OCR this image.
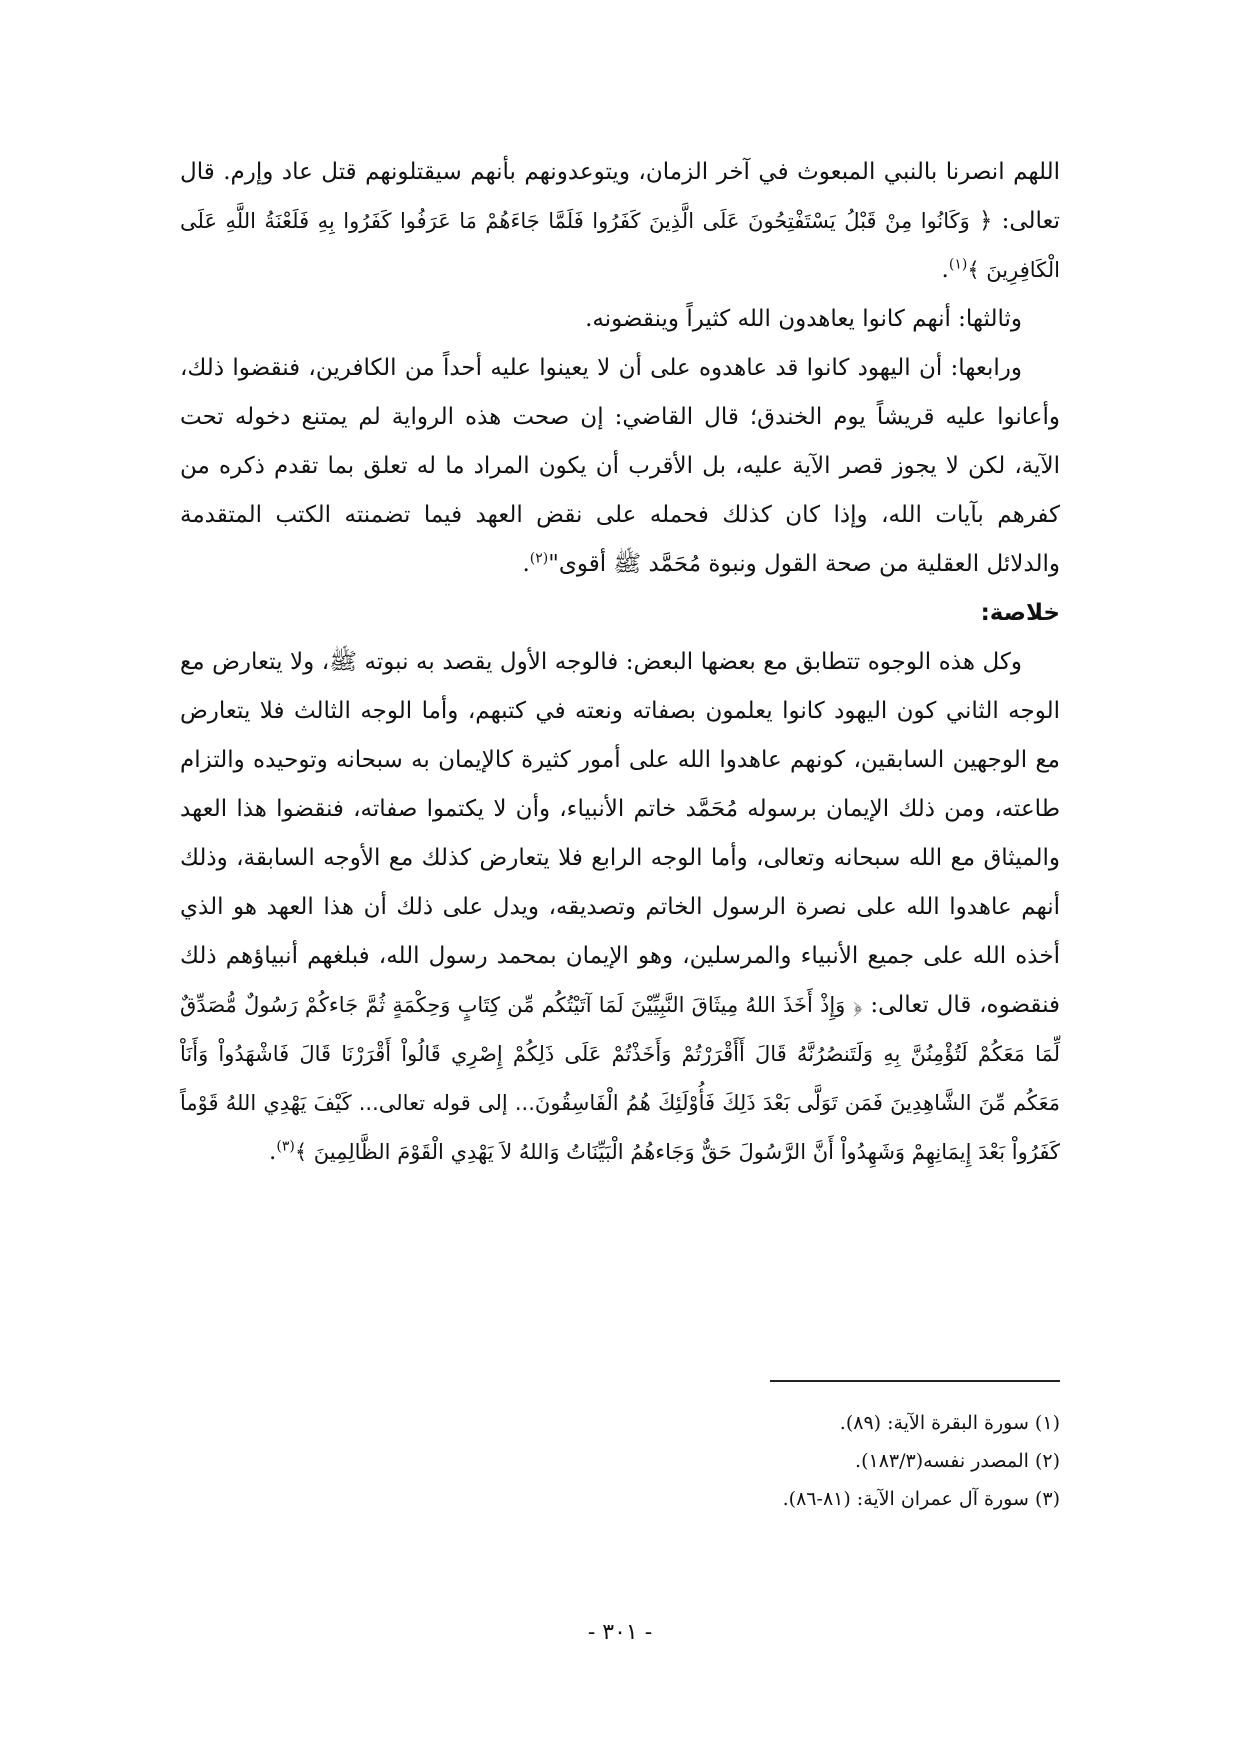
اللهم انصرنا بالنبي المبعوث في آخر الزمان، ويتوعدونهم بأنهم سيقتلونهم قتل عاد وإرم. قال تعالى: ﴿ وَكَانُوا مِنْ قَبْلُ يَسْتَفْتِحُونَ عَلَى الَّذِينَ كَفَرُوا فَلَمَّا جَاءَهُمْ مَا عَرَفُوا كَفَرُوا بِهِ فَلَعْنَةُ اللَّهِ عَلَى الْكَافِرِينَ ﴾$^{(١)}$.

وثالثها: أنهم كانوا يعاهدون الله كثيراً وينقضونه.

ورابعها: أن اليهود كانوا قد عاهدوه على أن لا يعينوا عليه أحداً من الكافرين، فنقضوا ذلك، وأعانوا عليه قريشاً يوم الخندق؛ قال القاضي: إن صحت هذه الرواية لم يمتنع دخوله تحت الآية، لكن لا يجوز قصر الآية عليه، بل الأقرب أن يكون المراد ما له تعلق بما تقدم ذكره من كفرهم بآيات الله، وإذا كان كذلك فحمله على نقض العهد فيما تضمنته الكتب المتقدمة والدلائل العقلية من صحة القول ونبوة مُحَمَّد ﷺ أقوى"$^{(٢)}$.

خلاصة:

وكل هذه الوجوه تتطابق مع بعضها البعض: فالوجه الأول يقصد به نبوته ﷺ، ولا يتعارض مع الوجه الثاني كون اليهود كانوا يعلمون بصفاته ونعته في كتبهم، وأما الوجه الثالث فلا يتعارض مع الوجهين السابقين، كونهم عاهدوا الله على أمور كثيرة كالإيمان به سبحانه وتوحيده والتزام طاعته، ومن ذلك الإيمان برسوله مُحَمَّد خاتم الأنبياء، وأن لا يكتموا صفاته، فنقضوا هذا العهد والميثاق مع الله سبحانه وتعالى، وأما الوجه الرابع فلا يتعارض كذلك مع الأوجه السابقة، وذلك أنهم عاهدوا الله على نصرة الرسول الخاتم وتصديقه، ويدل على ذلك أن هذا العهد هو الذي أخذه الله على جميع الأنبياء والمرسلين، وهو الإيمان بمحمد رسول الله، فبلغهم أنبياؤهم ذلك فنقضوه، قال تعالى: ﴿ وَإِذْ أَخَذَ اللهُ مِيثَاقَ النَّبِيِّيْنَ لَمَا آتَيْتُكُم مِّن كِتَابٍ وَحِكْمَةٍ ثُمَّ جَاءكُمْ رَسُولٌ مُّصَدِّقٌ لِّمَا مَعَكُمْ لَتُؤْمِنُنَّ بِهِ وَلَتَنصُرُنَّهُ قَالَ أَأَقْرَرْتُمْ وَأَخَذْتُمْ عَلَى ذَلِكُمْ إِصْرِي قَالُواْ أَقْرَرْنَا قَالَ فَاشْهَدُواْ وَأَنَاْ مَعَكُم مِّنَ الشَّاهِدِينَ فَمَن تَوَلَّى بَعْدَ ذَلِكَ فَأُوْلَئِكَ هُمُ الْفَاسِقُونَ... إلى قوله تعالى... كَيْفَ يَهْدِي اللهُ قَوْماً كَفَرُواْ بَعْدَ إِيمَانِهِمْ وَشَهِدُواْ أَنَّ الرَّسُولَ حَقٌّ وَجَاءهُمُ الْبَيِّنَاتُ وَاللهُ لاَ يَهْدِي الْقَوْمَ الظَّالِمِينَ ﴾$^{(٣)}$.

(١) سورة البقرة الآية: (٨٩).
(٢) المصدر نفسه(١٨٣/٣).
(٣) سورة آل عمران الآية: (٨١-٨٦).
- ٣٠١ -
